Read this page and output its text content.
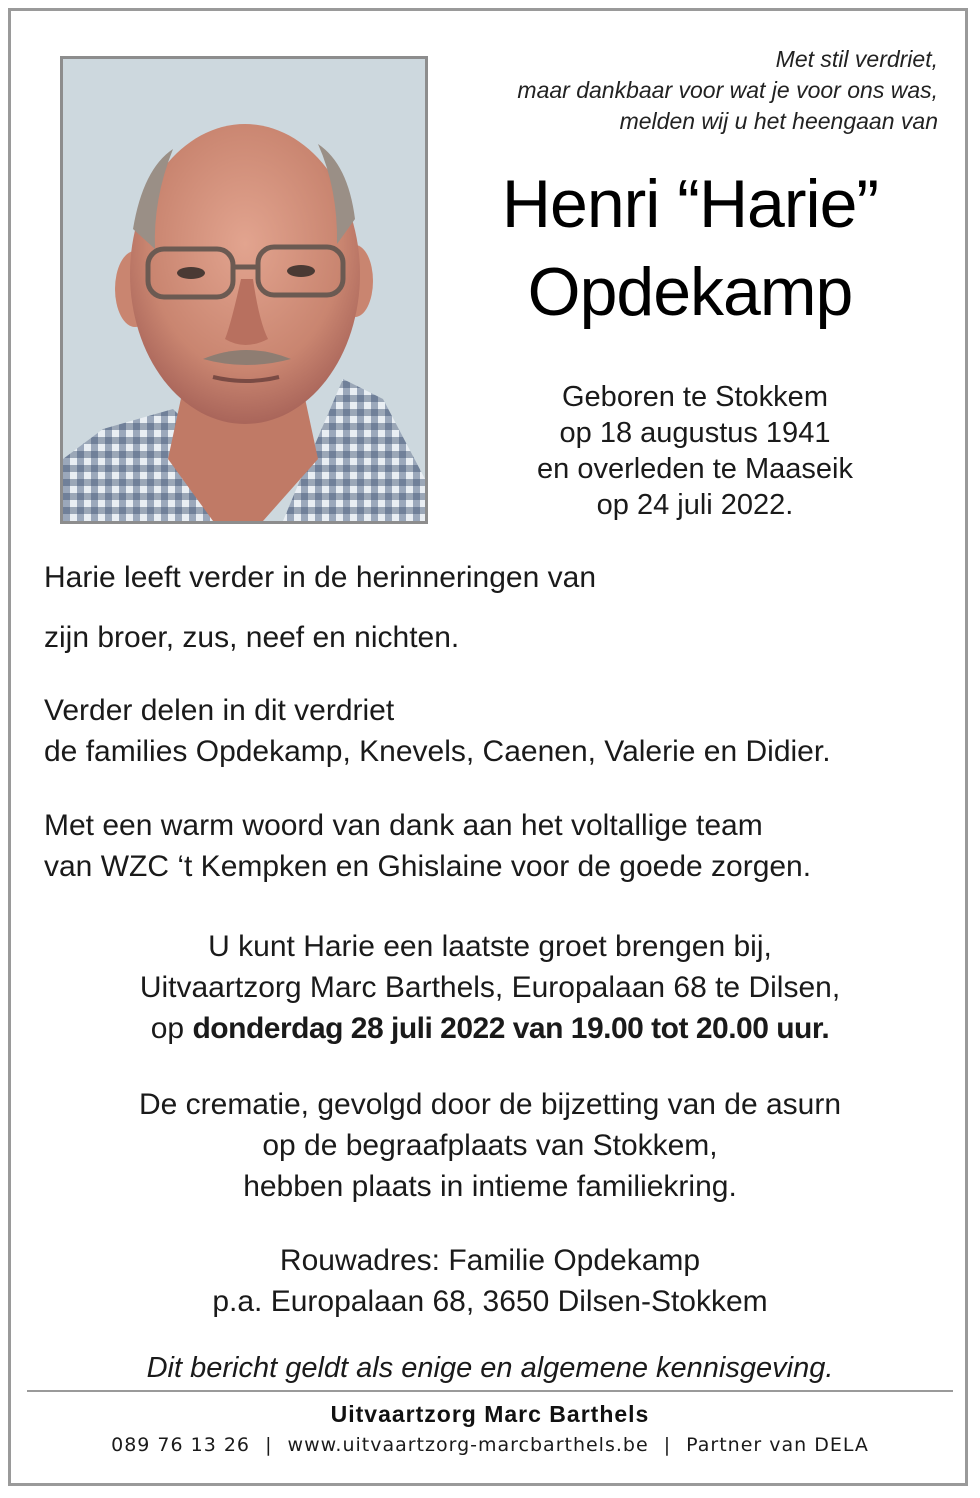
Met stil verdriet,
maar dankbaar voor wat je voor ons was,
melden wij u het heengaan van
Henri “Harie”
Opdekamp
Geboren te Stokkem
op 18 augustus 1941
en overleden te Maaseik
op 24 juli 2022.
Harie leeft verder in de herinneringen van
zijn broer, zus, neef en nichten.
Verder delen in dit verdriet
de families Opdekamp, Knevels, Caenen, Valerie en Didier.
Met een warm woord van dank aan het voltallige team
van WZC ‘t Kempken en Ghislaine voor de goede zorgen.
U kunt Harie een laatste groet brengen bij,
Uitvaartzorg Marc Barthels, Europalaan 68 te Dilsen,
op donderdag 28 juli 2022 van 19.00 tot 20.00 uur.
De crematie, gevolgd door de bijzetting van de asurn
op de begraafplaats van Stokkem,
hebben plaats in intieme familiekring.
Rouwadres: Familie Opdekamp
p.a. Europalaan 68, 3650 Dilsen-Stokkem
Dit bericht geldt als enige en algemene kennisgeving.
Uitvaartzorg Marc Barthels
089 76 13 26 | www.uitvaartzorg-marcbarthels.be | Partner van DELA
